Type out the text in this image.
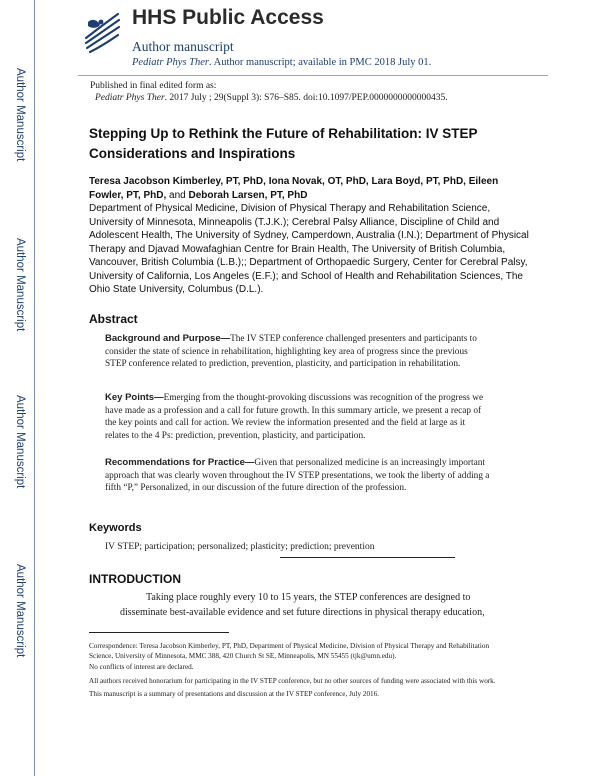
Author Manuscript
Author Manuscript
Author Manuscript
Author Manuscript
HHS Public Access
Author manuscript
Pediatr Phys Ther. Author manuscript; available in PMC 2018 July 01.
Published in final edited form as:
Pediatr Phys Ther. 2017 July ; 29(Suppl 3): S76–S85. doi:10.1097/PEP.0000000000000435.
Stepping Up to Rethink the Future of Rehabilitation: IV STEP Considerations and Inspirations
Teresa Jacobson Kimberley, PT, PhD, Iona Novak, OT, PhD, Lara Boyd, PT, PhD, Eileen
Fowler, PT, PhD, and Deborah Larsen, PT, PhD
Department of Physical Medicine, Division of Physical Therapy and Rehabilitation Science, University of Minnesota, Minneapolis (T.J.K.); Cerebral Palsy Alliance, Discipline of Child and Adolescent Health, The University of Sydney, Camperdown, Australia (I.N.); Department of Physical Therapy and Djavad Mowafaghian Centre for Brain Health, The University of British Columbia, Vancouver, British Columbia (L.B.);; Department of Orthopaedic Surgery, Center for Cerebral Palsy, University of California, Los Angeles (E.F.); and School of Health and Rehabilitation Sciences, The Ohio State University, Columbus (D.L.).
Abstract
Background and Purpose—The IV STEP conference challenged presenters and participants to consider the state of science in rehabilitation, highlighting key area of progress since the previous STEP conference related to prediction, prevention, plasticity, and participation in rehabilitation.
Key Points—Emerging from the thought-provoking discussions was recognition of the progress we have made as a profession and a call for future growth. In this summary article, we present a recap of the key points and call for action. We review the information presented and the field at large as it relates to the 4 Ps: prediction, prevention, plasticity, and participation.
Recommendations for Practice—Given that personalized medicine is an increasingly important approach that was clearly woven throughout the IV STEP presentations, we took the liberty of adding a fifth “P,” Personalized, in our discussion of the future direction of the profession.
Keywords
IV STEP; participation; personalized; plasticity; prediction; prevention
INTRODUCTION
Taking place roughly every 10 to 15 years, the STEP conferences are designed to disseminate best-available evidence and set future directions in physical therapy education,

Correspondence: Teresa Jacobson Kimberley, PT, PhD, Department of Physical Medicine, Division of Physical Therapy and Rehabilitation Science, University of Minnesota, MMC 388, 420 Church St SE, Minneapolis, MN 55455 (tjk@umn.edu).

No conflicts of interest are declared.

All authors received honorarium for participating in the IV STEP conference, but no other sources of funding were associated with this work.

This manuscript is a summary of presentations and discussion at the IV STEP conference, July 2016.
